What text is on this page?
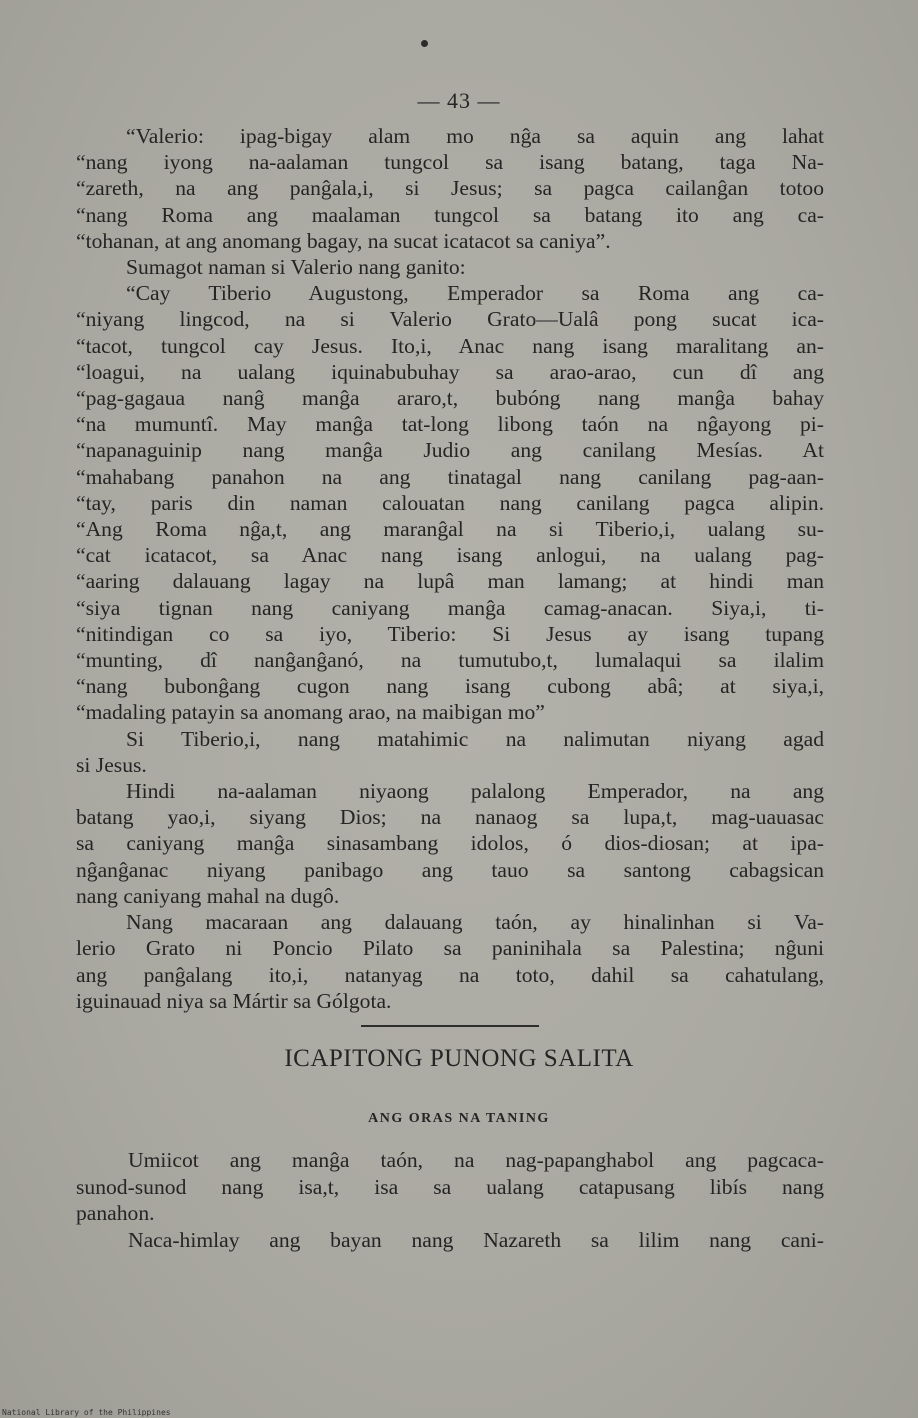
— 43 —
“Valerio: ipag-bigay alam mo nĝa sa aquin ang lahat
“nang iyong na-aalaman tungcol sa isang batang, taga Na-
“zareth, na ang panĝala,i, si Jesus; sa pagca cailanĝan totoo
“nang Roma ang maalaman tungcol sa batang ito ang ca-
“tohanan, at ang anomang bagay, na sucat icatacot sa caniya”.
Sumagot naman si Valerio nang ganito:
“Cay Tiberio Augustong, Emperador sa Roma ang ca-
“niyang lingcod, na si Valerio Grato—Ualâ pong sucat ica-
“tacot, tungcol cay Jesus. Ito,i, Anac nang isang maralitang an-
“loagui, na ualang iquinabubuhay sa arao-arao, cun dî ang
“pag-gagaua nanĝ manĝa araro,t, bubóng nang manĝa bahay
“na mumuntî. May manĝa tat-long libong taón na nĝayong pi-
“napanaguinip nang manĝa Judio ang canilang Mesías. At
“mahabang panahon na ang tinatagal nang canilang pag-aan-
“tay, paris din naman calouatan nang canilang pagca alipin.
“Ang Roma nĝa,t, ang maranĝal na si Tiberio,i, ualang su-
“cat icatacot, sa Anac nang isang anlogui, na ualang pag-
“aaring dalauang lagay na lupâ man lamang; at hindi man
“siya tignan nang caniyang manĝa camag-anacan. Siya,i, ti-
“nitindigan co sa iyo, Tiberio: Si Jesus ay isang tupang
“munting, dî nanĝanĝanó, na tumutubo,t, lumalaqui sa ilalim
“nang bubonĝang cugon nang isang cubong abâ; at siya,i,
“madaling patayin sa anomang arao, na maibigan mo”
Si Tiberio,i, nang matahimic na nalimutan niyang agad
si Jesus.
Hindi na-aalaman niyaong palalong Emperador, na ang
batang yao,i, siyang Dios; na nanaog sa lupa,t, mag-uauasac
sa caniyang manĝa sinasambang idolos, ó dios-diosan; at ipa-
nĝanĝanac niyang panibago ang tauo sa santong cabagsican
nang caniyang mahal na dugô.
Nang macaraan ang dalauang taón, ay hinalinhan si Va-
lerio Grato ni Poncio Pilato sa paninihala sa Palestina; nĝuni
ang panĝalang ito,i, natanyag na toto, dahil sa cahatulang,
iguinauad niya sa Mártir sa Gólgota.
ICAPITONG PUNONG SALITA
ANG ORAS NA TANING
Umiicot ang manĝa taón, na nag-papanghabol ang pagcaca-
sunod-sunod nang isa,t, isa sa ualang catapusang libís nang
panahon.
Naca-himlay ang bayan nang Nazareth sa lilim nang cani-
National Library of the Philippines
